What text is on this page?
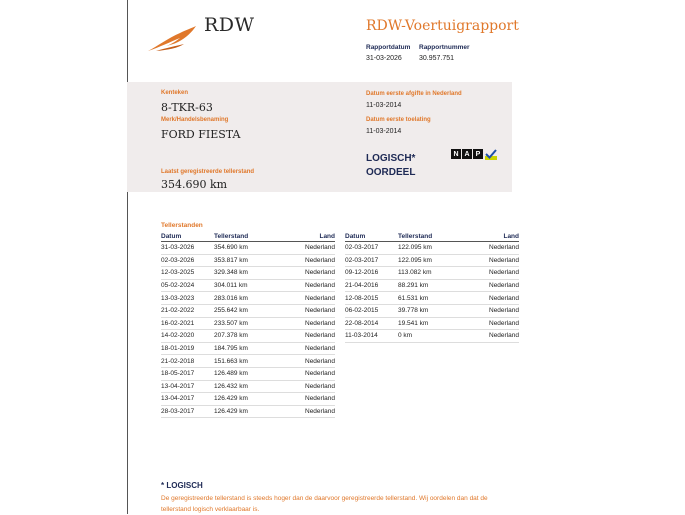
RDW	RDW-Voertuigrapport
Rapportdatum
31-03-2026
Rapportnummer
30.957.751
Kenteken
8-TKR-63
Merk/Handelsbenaming
FORD FIESTA
Laatst geregistreerde tellerstand
354.690 km
Datum eerste afgifte in Nederland
11-03-2014
Datum eerste toelating
11-03-2014
LOGISCH* OORDEEL
N A P
Tellerstanden
Datum	Tellerstand	Land
31-03-2026	354.690 km	Nederland
02-03-2026	353.817 km	Nederland
12-03-2025	329.348 km	Nederland
05-02-2024	304.011 km	Nederland
13-03-2023	283.016 km	Nederland
21-02-2022	255.642 km	Nederland
16-02-2021	233.507 km	Nederland
14-02-2020	207.378 km	Nederland
18-01-2019	184.795 km	Nederland
21-02-2018	151.663 km	Nederland
18-05-2017	126.489 km	Nederland
13-04-2017	126.432 km	Nederland
13-04-2017	126.429 km	Nederland
28-03-2017	126.429 km	Nederland
Datum	Tellerstand	Land
02-03-2017	122.095 km	Nederland
02-03-2017	122.095 km	Nederland
09-12-2016	113.082 km	Nederland
21-04-2016	88.291 km	Nederland
12-08-2015	61.531 km	Nederland
06-02-2015	39.778 km	Nederland
22-08-2014	19.541 km	Nederland
11-03-2014	0 km	Nederland
* LOGISCH
De geregistreerde tellerstand is steeds hoger dan de daarvoor geregistreerde tellerstand. Wij oordelen dan dat de tellerstand logisch verklaarbaar is.
